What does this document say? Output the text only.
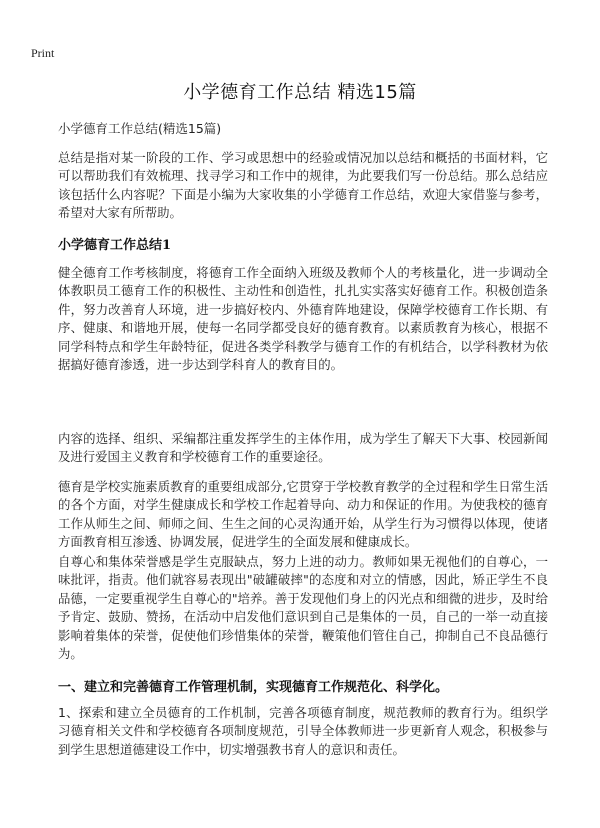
Print
小学德育工作总结 精选15篇

小学德育工作总结(精选15篇)

总结是指对某一阶段的工作、学习或思想中的经验或情况加以总结和概括的书面材料，它可以帮助我们有效梳理、找寻学习和工作中的规律，为此要我们写一份总结。那么总结应该包括什么内容呢？下面是小编为大家收集的小学德育工作总结，欢迎大家借鉴与参考，希望对大家有所帮助。

小学德育工作总结1

健全德育工作考核制度，将德育工作全面纳入班级及教师个人的考核量化，进一步调动全体教职员工德育工作的积极性、主动性和创造性，扎扎实实落实好德育工作。积极创造条件，努力改善育人环境，进一步搞好校内、外德育阵地建设，保障学校德育工作长期、有序、健康、和谐地开展，使每一名同学都受良好的德育教育。以素质教育为核心，根据不同学科特点和学生年龄特征，促进各类学科教学与德育工作的有机结合，以学科教材为依据搞好德育渗透，进一步达到学科育人的教育目的。

内容的选择、组织、采编都注重发挥学生的主体作用，成为学生了解天下大事、校园新闻及进行爱国主义教育和学校德育工作的重要途径。

德育是学校实施素质教育的重要组成部分,它贯穿于学校教育教学的全过程和学生日常生活的各个方面，对学生健康成长和学校工作起着导向、动力和保证的作用。为使我校的德育工作从师生之间、师师之间、生生之间的心灵沟通开始，从学生行为习惯得以体现，使诸方面教育相互渗透、协调发展，促进学生的全面发展和健康成长。

自尊心和集体荣誉感是学生克服缺点，努力上进的动力。教师如果无视他们的自尊心，一味批评，指责。他们就容易表现出"破罐破摔"的态度和对立的情感，因此，矫正学生不良品德，一定要重视学生自尊心的"培养。善于发现他们身上的闪光点和细微的进步，及时给予肯定、鼓励、赞扬，在活动中启发他们意识到自己是集体的一员，自己的一举一动直接影响着集体的荣誉，促使他们珍惜集体的荣誉，鞭策他们管住自己，抑制自己不良品德行为。

一、建立和完善德育工作管理机制，实现德育工作规范化、科学化。

1、探索和建立全员德育的工作机制，完善各项德育制度，规范教师的教育行为。组织学习德育相关文件和学校德育各项制度规范，引导全体教师进一步更新育人观念，积极参与到学生思想道德建设工作中，切实增强教书育人的意识和责任。
